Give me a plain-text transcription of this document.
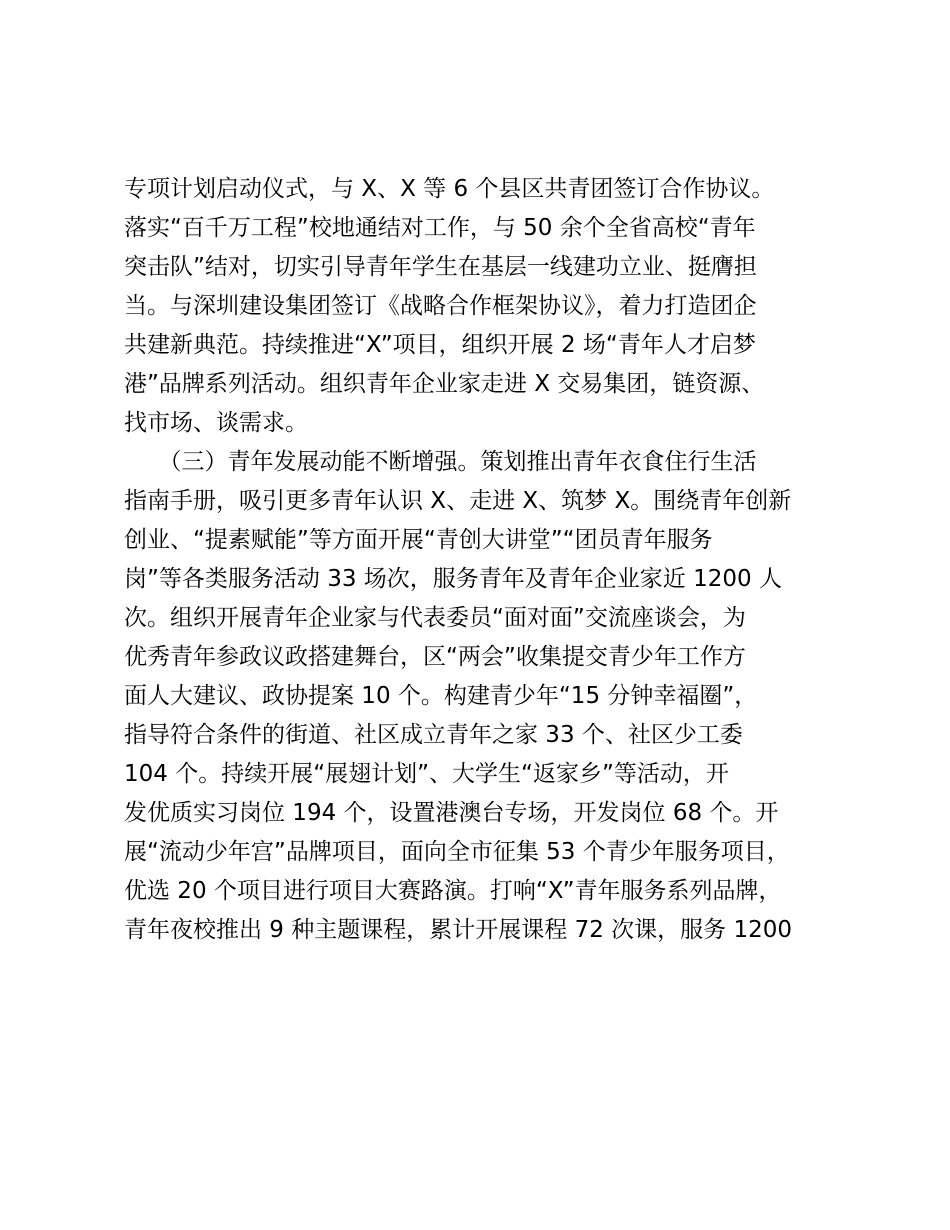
专项计划启动仪式，与 X、X 等 6 个县区共青团签订合作协议。
落实“百千万工程”校地通结对工作，与 50 余个全省高校“青年
突击队”结对，切实引导青年学生在基层一线建功立业、挺膺担
当。与深圳建设集团签订《战略合作框架协议》，着力打造团企
共建新典范。持续推进“X”项目，组织开展 2 场“青年人才启梦
港”品牌系列活动。组织青年企业家走进 X 交易集团，链资源、
找市场、谈需求。
　　（三）青年发展动能不断增强。策划推出青年衣食住行生活
指南手册，吸引更多青年认识 X、走进 X、筑梦 X。围绕青年创新
创业、“提素赋能”等方面开展“青创大讲堂”“团员青年服务
岗”等各类服务活动 33 场次，服务青年及青年企业家近 1200 人
次。组织开展青年企业家与代表委员“面对面”交流座谈会，为
优秀青年参政议政搭建舞台，区“两会”收集提交青少年工作方
面人大建议、政协提案 10 个。构建青少年“15 分钟幸福圈”，
指导符合条件的街道、社区成立青年之家 33 个、社区少工委
104 个。持续开展“展翅计划”、大学生“返家乡”等活动，开
发优质实习岗位 194 个，设置港澳台专场，开发岗位 68 个。开
展“流动少年宫”品牌项目，面向全市征集 53 个青少年服务项目，
优选 20 个项目进行项目大赛路演。打响“X”青年服务系列品牌，
青年夜校推出 9 种主题课程，累计开展课程 72 次课，服务 1200
